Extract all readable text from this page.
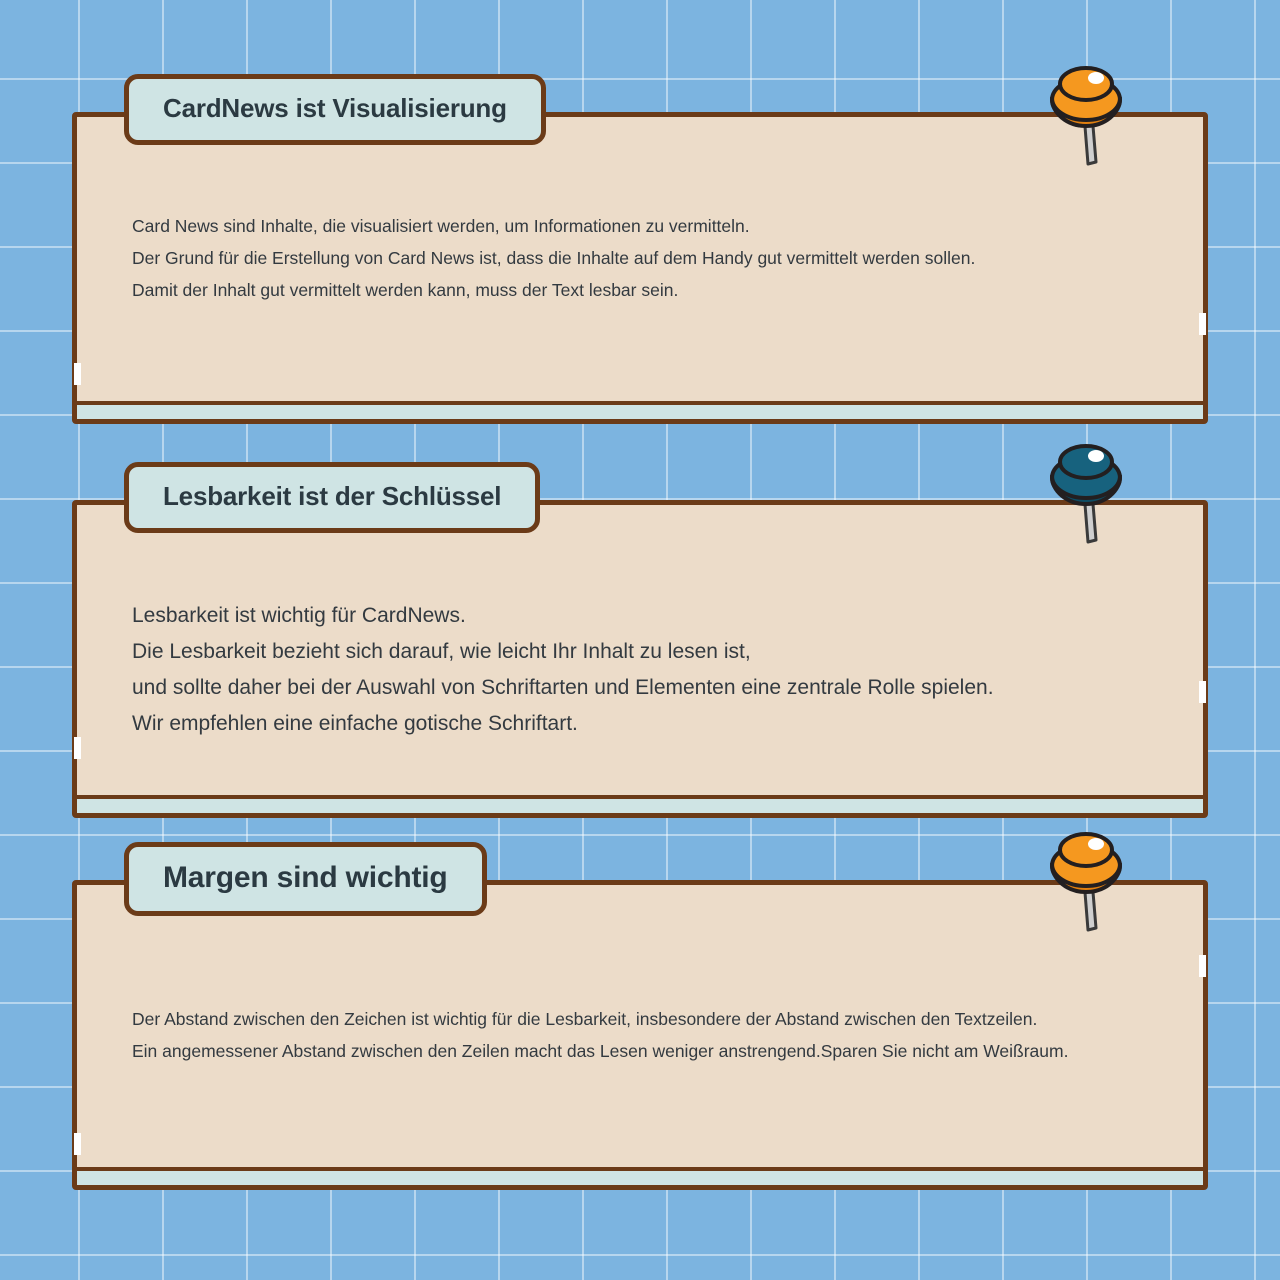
CardNews ist Visualisierung

Card News sind Inhalte, die visualisiert werden, um Informationen zu vermitteln.

Der Grund für die Erstellung von Card News ist, dass die Inhalte auf dem Handy gut vermittelt werden sollen.

Damit der Inhalt gut vermittelt werden kann, muss der Text lesbar sein.

Lesbarkeit ist der Schlüssel

Lesbarkeit ist wichtig für CardNews.

Die Lesbarkeit bezieht sich darauf, wie leicht Ihr Inhalt zu lesen ist,

und sollte daher bei der Auswahl von Schriftarten und Elementen eine zentrale Rolle spielen.

Wir empfehlen eine einfache gotische Schriftart.

Margen sind wichtig

Der Abstand zwischen den Zeichen ist wichtig für die Lesbarkeit, insbesondere der Abstand zwischen den Textzeilen.

Ein angemessener Abstand zwischen den Zeilen macht das Lesen weniger anstrengend.Sparen Sie nicht am Weißraum.
